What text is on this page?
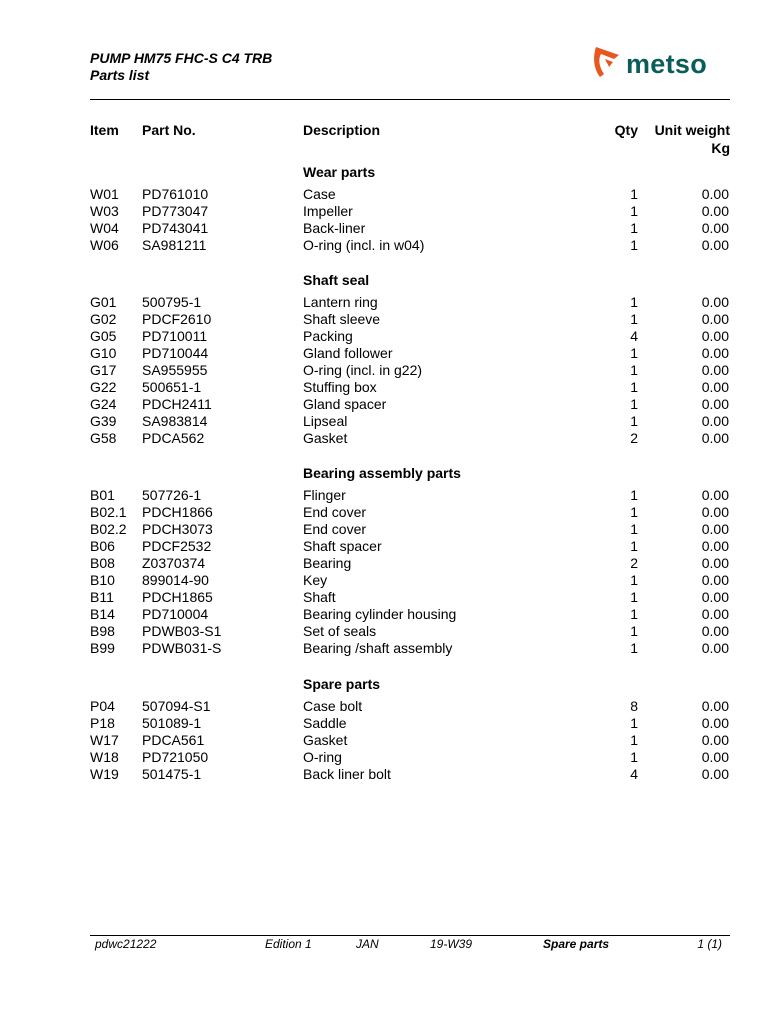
PUMP HM75 FHC-S C4 TRB
Parts list	metso
Item Part No.	Description	Qty Unit weight
Kg
Wear parts
W01 PD761010	Case	1	0.00
W03 PD773047	Impeller	1	0.00
W04 PD743041	Back-liner	1	0.00
W06 SA981211	O-ring (incl. in w04)	1	0.00
Shaft seal
G01 500795-1	Lantern ring	1	0.00
G02 PDCF2610	Shaft sleeve	1	0.00
G05 PD710011	Packing	4	0.00
G10 PD710044	Gland follower	1	0.00
G17 SA955955	O-ring (incl. in g22)	1	0.00
G22 500651-1	Stuffing box	1	0.00
G24 PDCH2411	Gland spacer	1	0.00
G39 SA983814	Lipseal	1	0.00
G58 PDCA562	Gasket	2	0.00
Bearing assembly parts
B01 507726-1	Flinger	1	0.00
B02.1 PDCH1866	End cover	1	0.00
B02.2 PDCH3073	End cover	1	0.00
B06 PDCF2532	Shaft spacer	1	0.00
B08 Z0370374	Bearing	2	0.00
B10 899014-90	Key	1	0.00
B11 PDCH1865	Shaft	1	0.00
B14 PD710004	Bearing cylinder housing	1	0.00
B98 PDWB03-S1	Set of seals	1	0.00
B99 PDWB031-S	Bearing /shaft assembly	1	0.00
Spare parts
P04 507094-S1	Case bolt	8	0.00
P18 501089-1	Saddle	1	0.00
W17 PDCA561	Gasket	1	0.00
W18 PD721050	O-ring	1	0.00
W19 501475-1	Back liner bolt	4	0.00
pdwc21222	Edition 1	JAN	19-W39	Spare parts	1 (1)
